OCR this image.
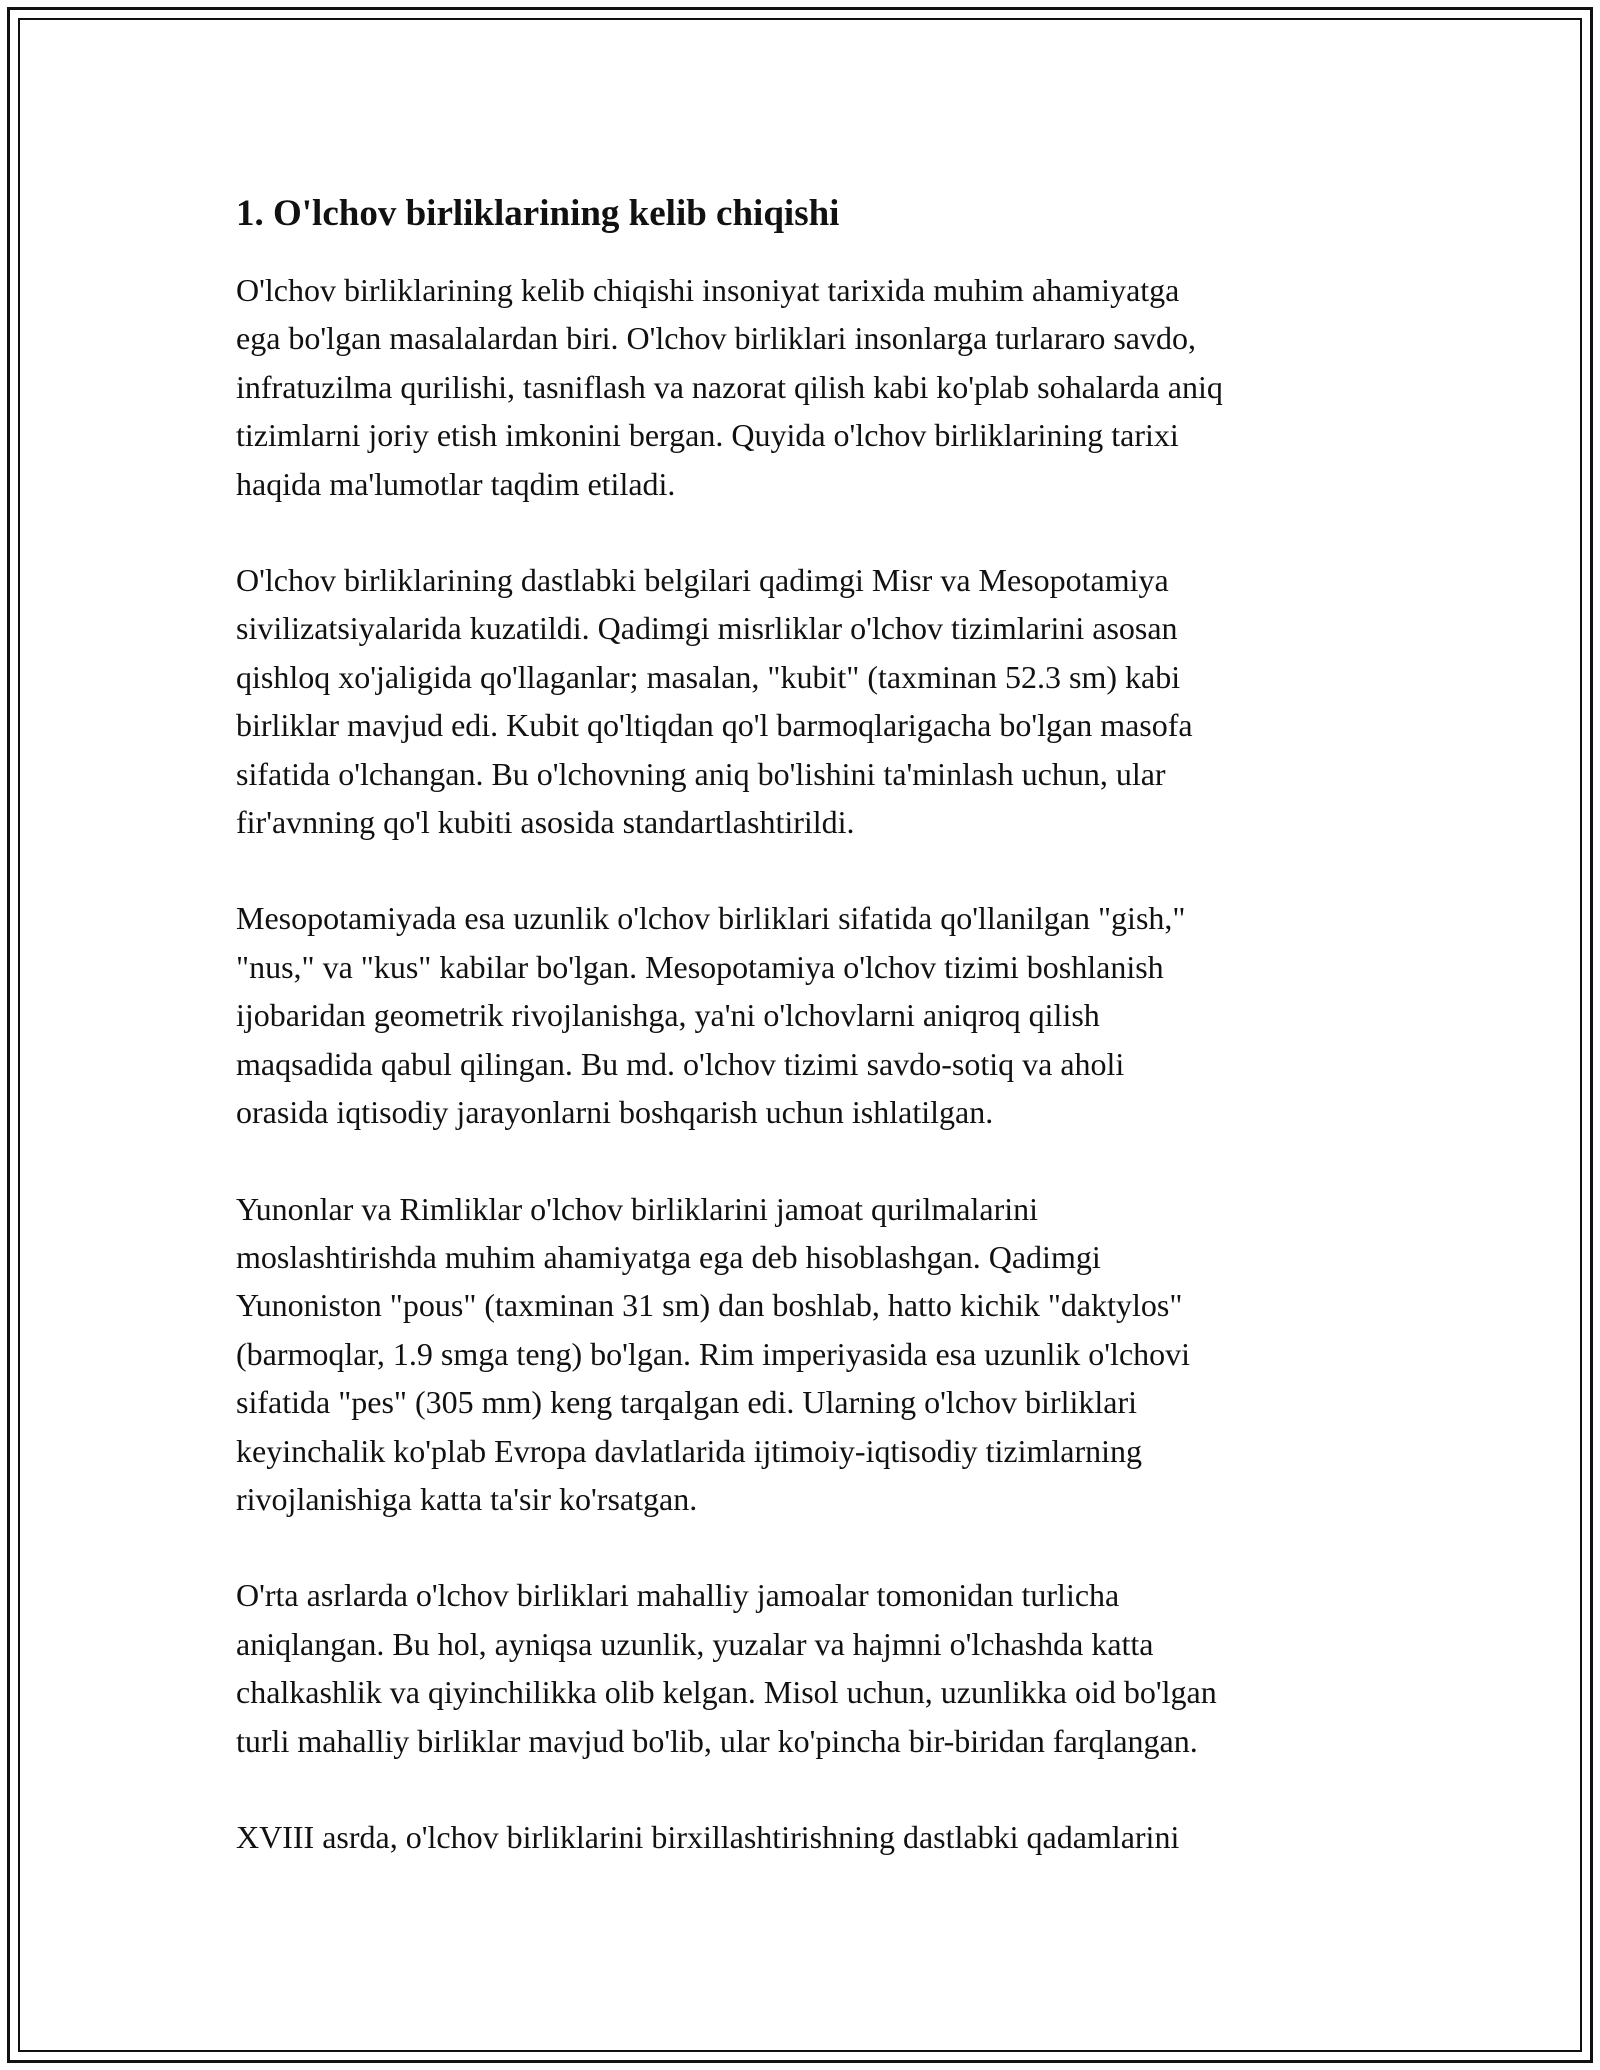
1. O'lchov birliklarining kelib chiqishi

O'lchov birliklarining kelib chiqishi insoniyat tarixida muhim ahamiyatga
ega bo'lgan masalalardan biri. O'lchov birliklari insonlarga turlararo savdo,
infratuzilma qurilishi, tasniflash va nazorat qilish kabi ko'plab sohalarda aniq
tizimlarni joriy etish imkonini bergan. Quyida o'lchov birliklarining tarixi
haqida ma'lumotlar taqdim etiladi.

O'lchov birliklarining dastlabki belgilari qadimgi Misr va Mesopotamiya
sivilizatsiyalarida kuzatildi. Qadimgi misrliklar o'lchov tizimlarini asosan
qishloq xo'jaligida qo'llaganlar; masalan, "kubit" (taxminan 52.3 sm) kabi
birliklar mavjud edi. Kubit qo'ltiqdan qo'l barmoqlarigacha bo'lgan masofa
sifatida o'lchangan. Bu o'lchovning aniq bo'lishini ta'minlash uchun, ular
fir'avnning qo'l kubiti asosida standartlashtirildi.

Mesopotamiyada esa uzunlik o'lchov birliklari sifatida qo'llanilgan "gish,"
"nus," va "kus" kabilar bo'lgan. Mesopotamiya o'lchov tizimi boshlanish
ijobaridan geometrik rivojlanishga, ya'ni o'lchovlarni aniqroq qilish
maqsadida qabul qilingan. Bu md. o'lchov tizimi savdo-sotiq va aholi
orasida iqtisodiy jarayonlarni boshqarish uchun ishlatilgan.

Yunonlar va Rimliklar o'lchov birliklarini jamoat qurilmalarini
moslashtirishda muhim ahamiyatga ega deb hisoblashgan. Qadimgi
Yunoniston "pous" (taxminan 31 sm) dan boshlab, hatto kichik "daktylos"
(barmoqlar, 1.9 smga teng) bo'lgan. Rim imperiyasida esa uzunlik o'lchovi
sifatida "pes" (305 mm) keng tarqalgan edi. Ularning o'lchov birliklari
keyinchalik ko'plab Evropa davlatlarida ijtimoiy-iqtisodiy tizimlarning
rivojlanishiga katta ta'sir ko'rsatgan.

O'rta asrlarda o'lchov birliklari mahalliy jamoalar tomonidan turlicha
aniqlangan. Bu hol, ayniqsa uzunlik, yuzalar va hajmni o'lchashda katta
chalkashlik va qiyinchilikka olib kelgan. Misol uchun, uzunlikka oid bo'lgan
turli mahalliy birliklar mavjud bo'lib, ular ko'pincha bir-biridan farqlangan.

XVIII asrda, o'lchov birliklarini birxillashtirishning dastlabki qadamlarini
